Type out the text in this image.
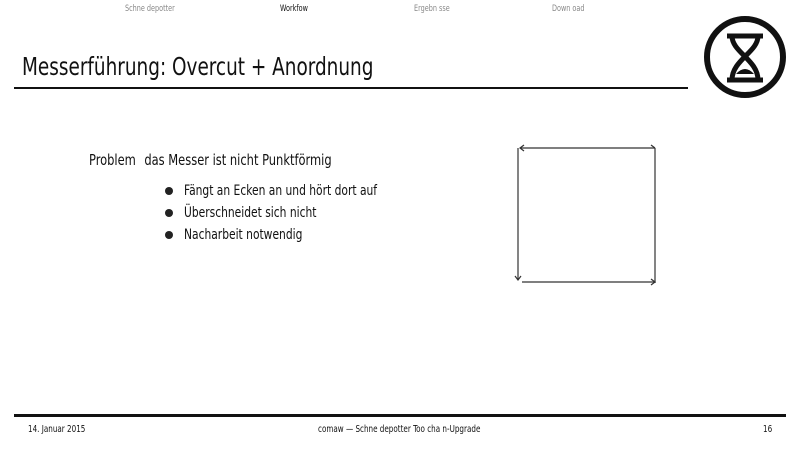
Schne depotter	Workfow	Ergebn sse	Down oad
Messerführung: Overcut + Anordnung
Problem das Messer ist nicht Punktförmig
Fängt an Ecken an und hört dort auf
Überschneidet sich nicht
Nacharbeit notwendig
14. Januar 2015	comaw — Schne depotter Too cha n-Upgrade	16
